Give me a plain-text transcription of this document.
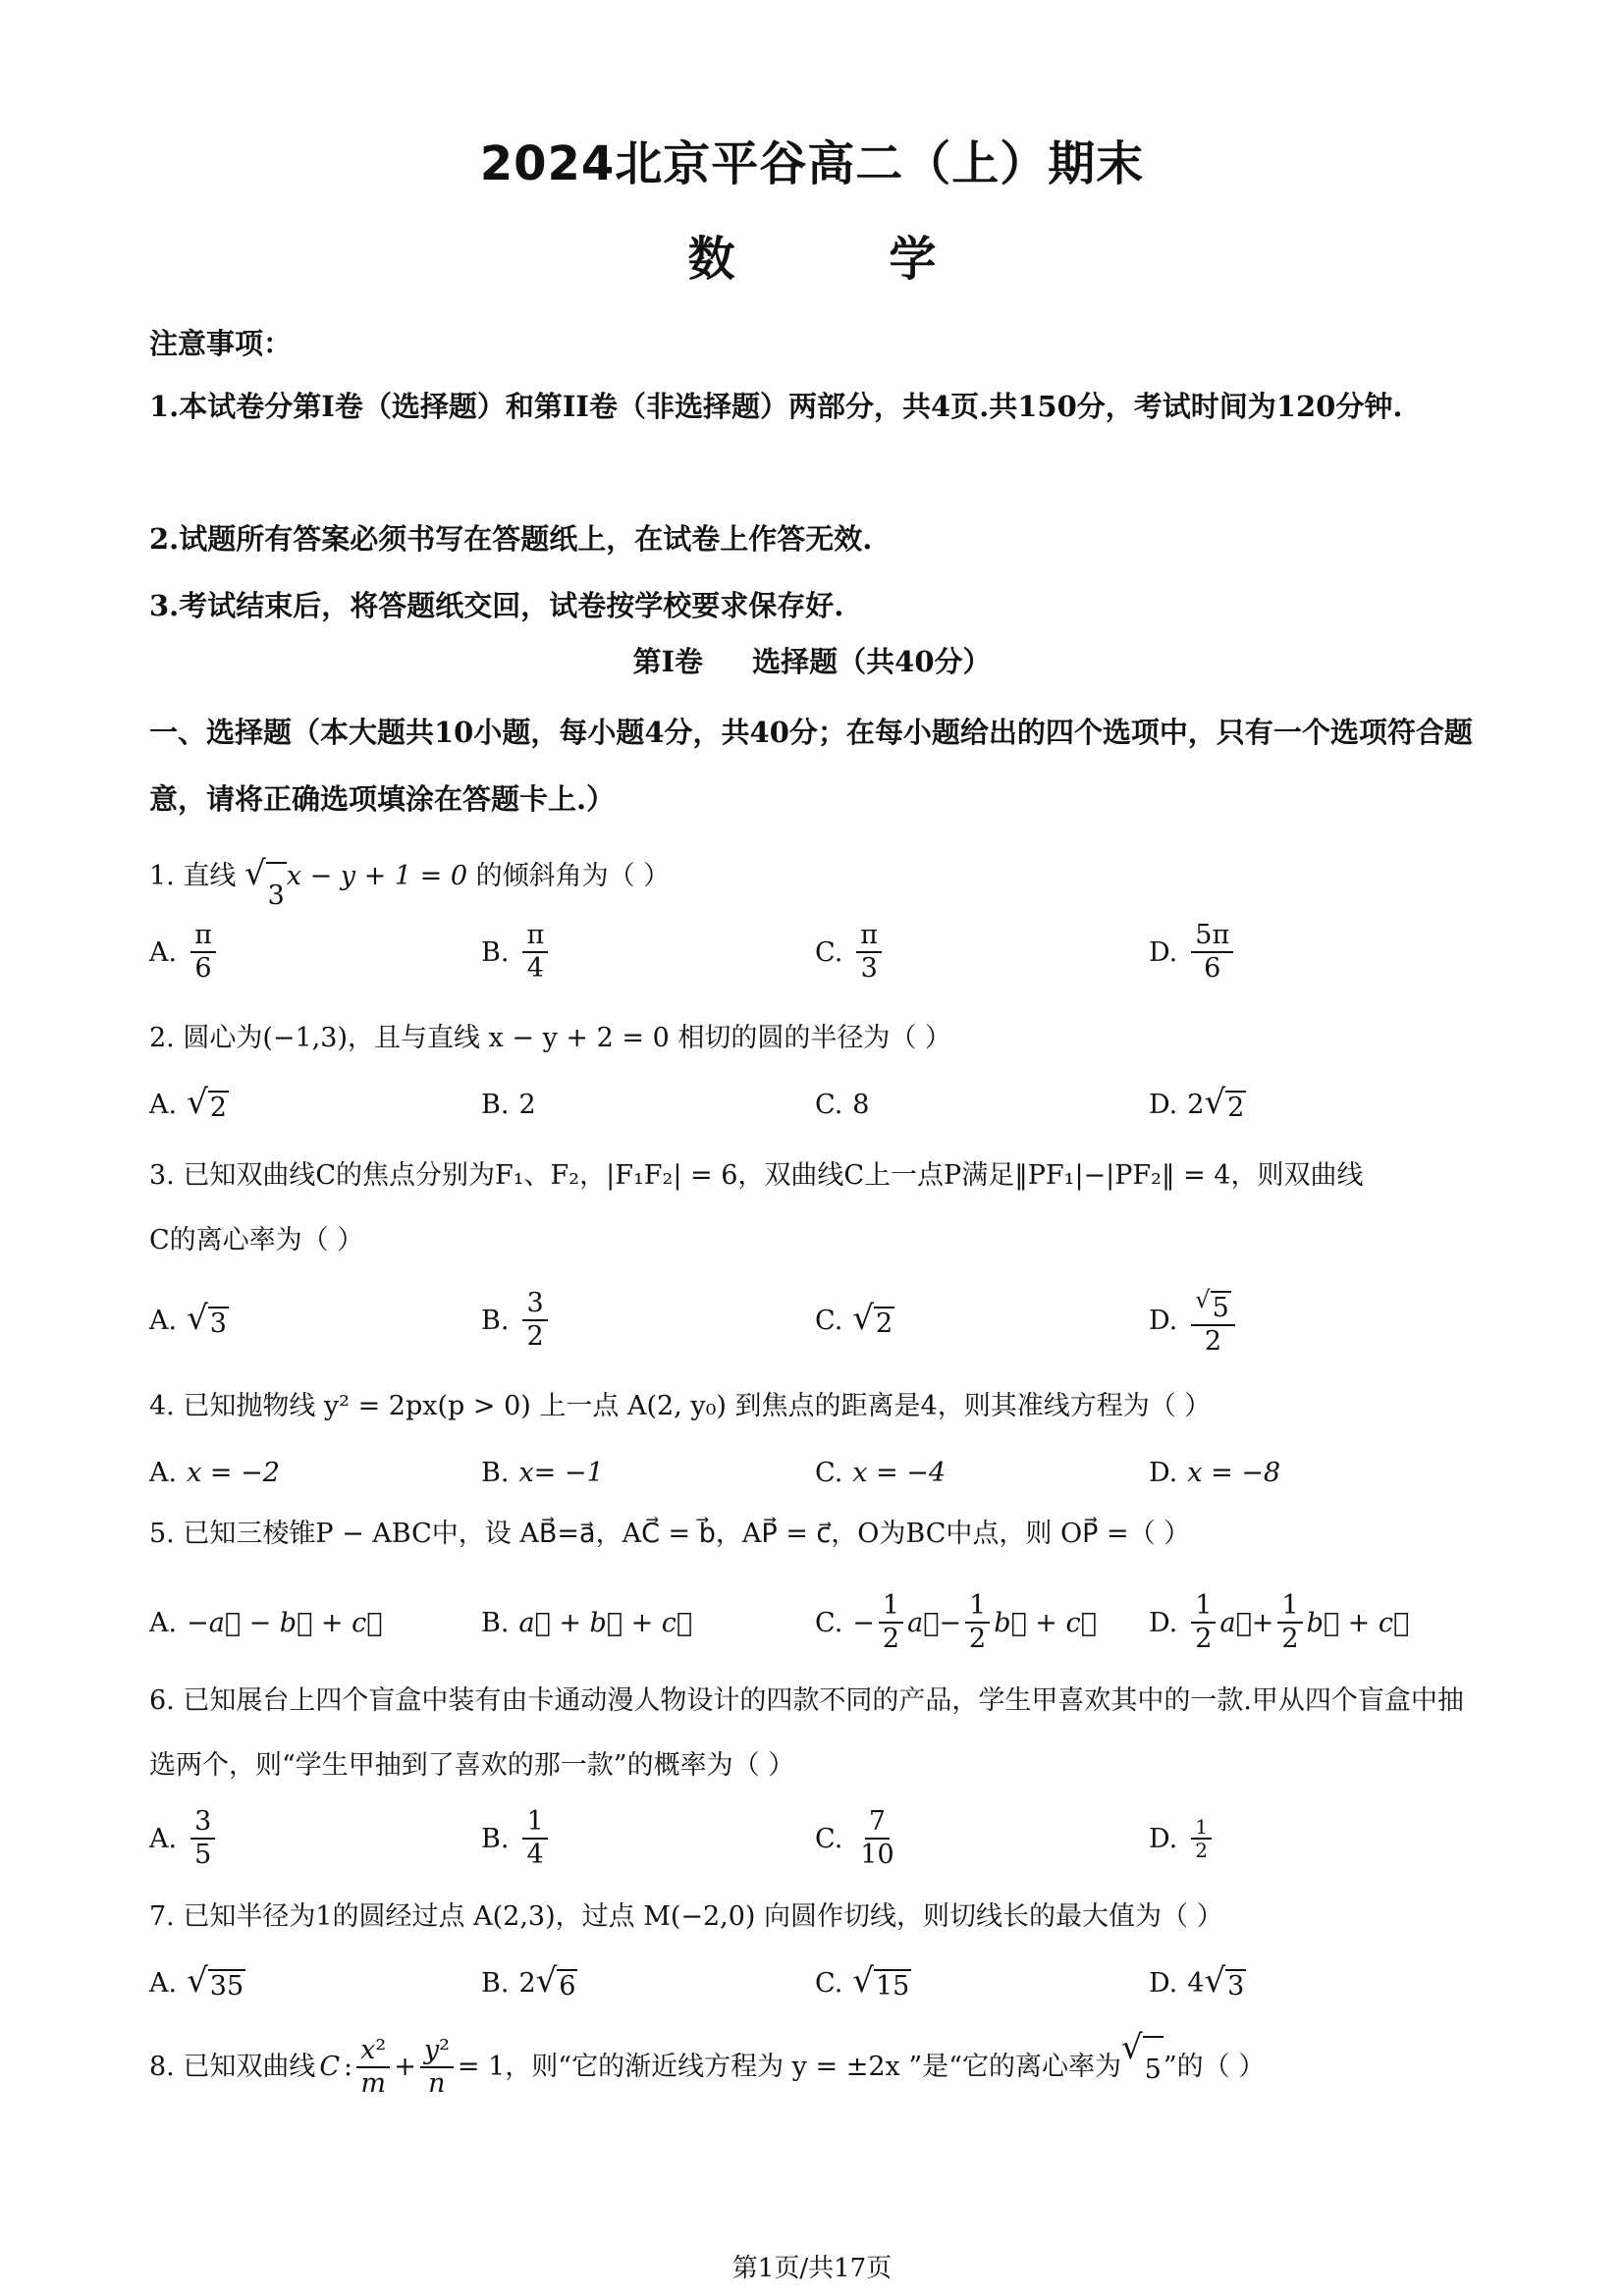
2024北京平谷高二（上）期末
数 学
注意事项：
1.本试卷分第I卷（选择题）和第II卷（非选择题）两部分，共4页.共150分，考试时间为120分钟.
2.试题所有答案必须书写在答题纸上，在试卷上作答无效.
3.考试结束后，将答题纸交回，试卷按学校要求保存好.
第I卷 选择题（共40分）
一、选择题（本大题共10小题，每小题4分，共40分；在每小题给出的四个选项中，只有一个选项符合题意，请将正确选项填涂在答题卡上.）
1. 直线 √
3
x − y + 1 = 0 的倾斜角为（ ）
A. $\frac{\pi}{6}$	B. $\frac{\pi}{4}$	C. $\frac{\pi}{3}$	D. $\frac{5\pi}{6}$
2. 圆心为(−1,3)，且与直线 x − y + 2 = 0 相切的圆的半径为（ ）
A. √ 2	B. 2	C. 8	D. 2 √ 2
3. 已知双曲线C的焦点分别为F₁、F₂，|F₁F₂| = 6，双曲线C上一点P满足‖PF₁|−|PF₂‖ = 4，则双曲线
C的离心率为（ ）
A. √ 3	B. $\frac{3}{2}$	C. √ 2	D. $\frac{√ 5}{2}$
4. 已知抛物线 y² = 2px(p > 0) 上一点 A(2, y₀) 到焦点的距离是4，则其准线方程为（ ）
A. x = −2	B. x= −1	C. x = −4	D. x = −8
5. 已知三棱锥P − ABC中，设 AB⃗=a⃗，AC⃗ = b⃗，AP⃗ = c⃗，O为BC中点，则 OP⃗ =（ ）
A. −a⃗ − b⃗ + c⃗	B. a⃗ + b⃗ + c⃗	C. − $\frac{1}{2}$ a⃗ − $\frac{1}{2}$ b⃗ + c⃗ D. $\frac{1}{2}$ a⃗ + $\frac{1}{2}$ b⃗ + c⃗
6. 已知展台上四个盲盒中装有由卡通动漫人物设计的四款不同的产品，学生甲喜欢其中的一款.甲从四个盲盒中抽选两个，则“学生甲抽到了喜欢的那一款”的概率为（ ）
A. $\frac{3}{5}$	B. $\frac{1}{4}$	C. $\frac{7}{10}$	D. $\frac{1}{2}$
7. 已知半径为1的圆经过点 A(2,3)，过点 M(−2,0) 向圆作切线，则切线长的最大值为（ ）
A. √ 35	B. 2 √ 6	C. √ 15	D. 4 √ 3
8. 已知双曲线 C : $\frac{\text{x²}}{m} + \frac{\text{y²}}{n} = 1$ ，则“它的渐近线方程为 y = ±2x ”是“它的离心率为 √
5 ”的（ ）
第1页/共17页
